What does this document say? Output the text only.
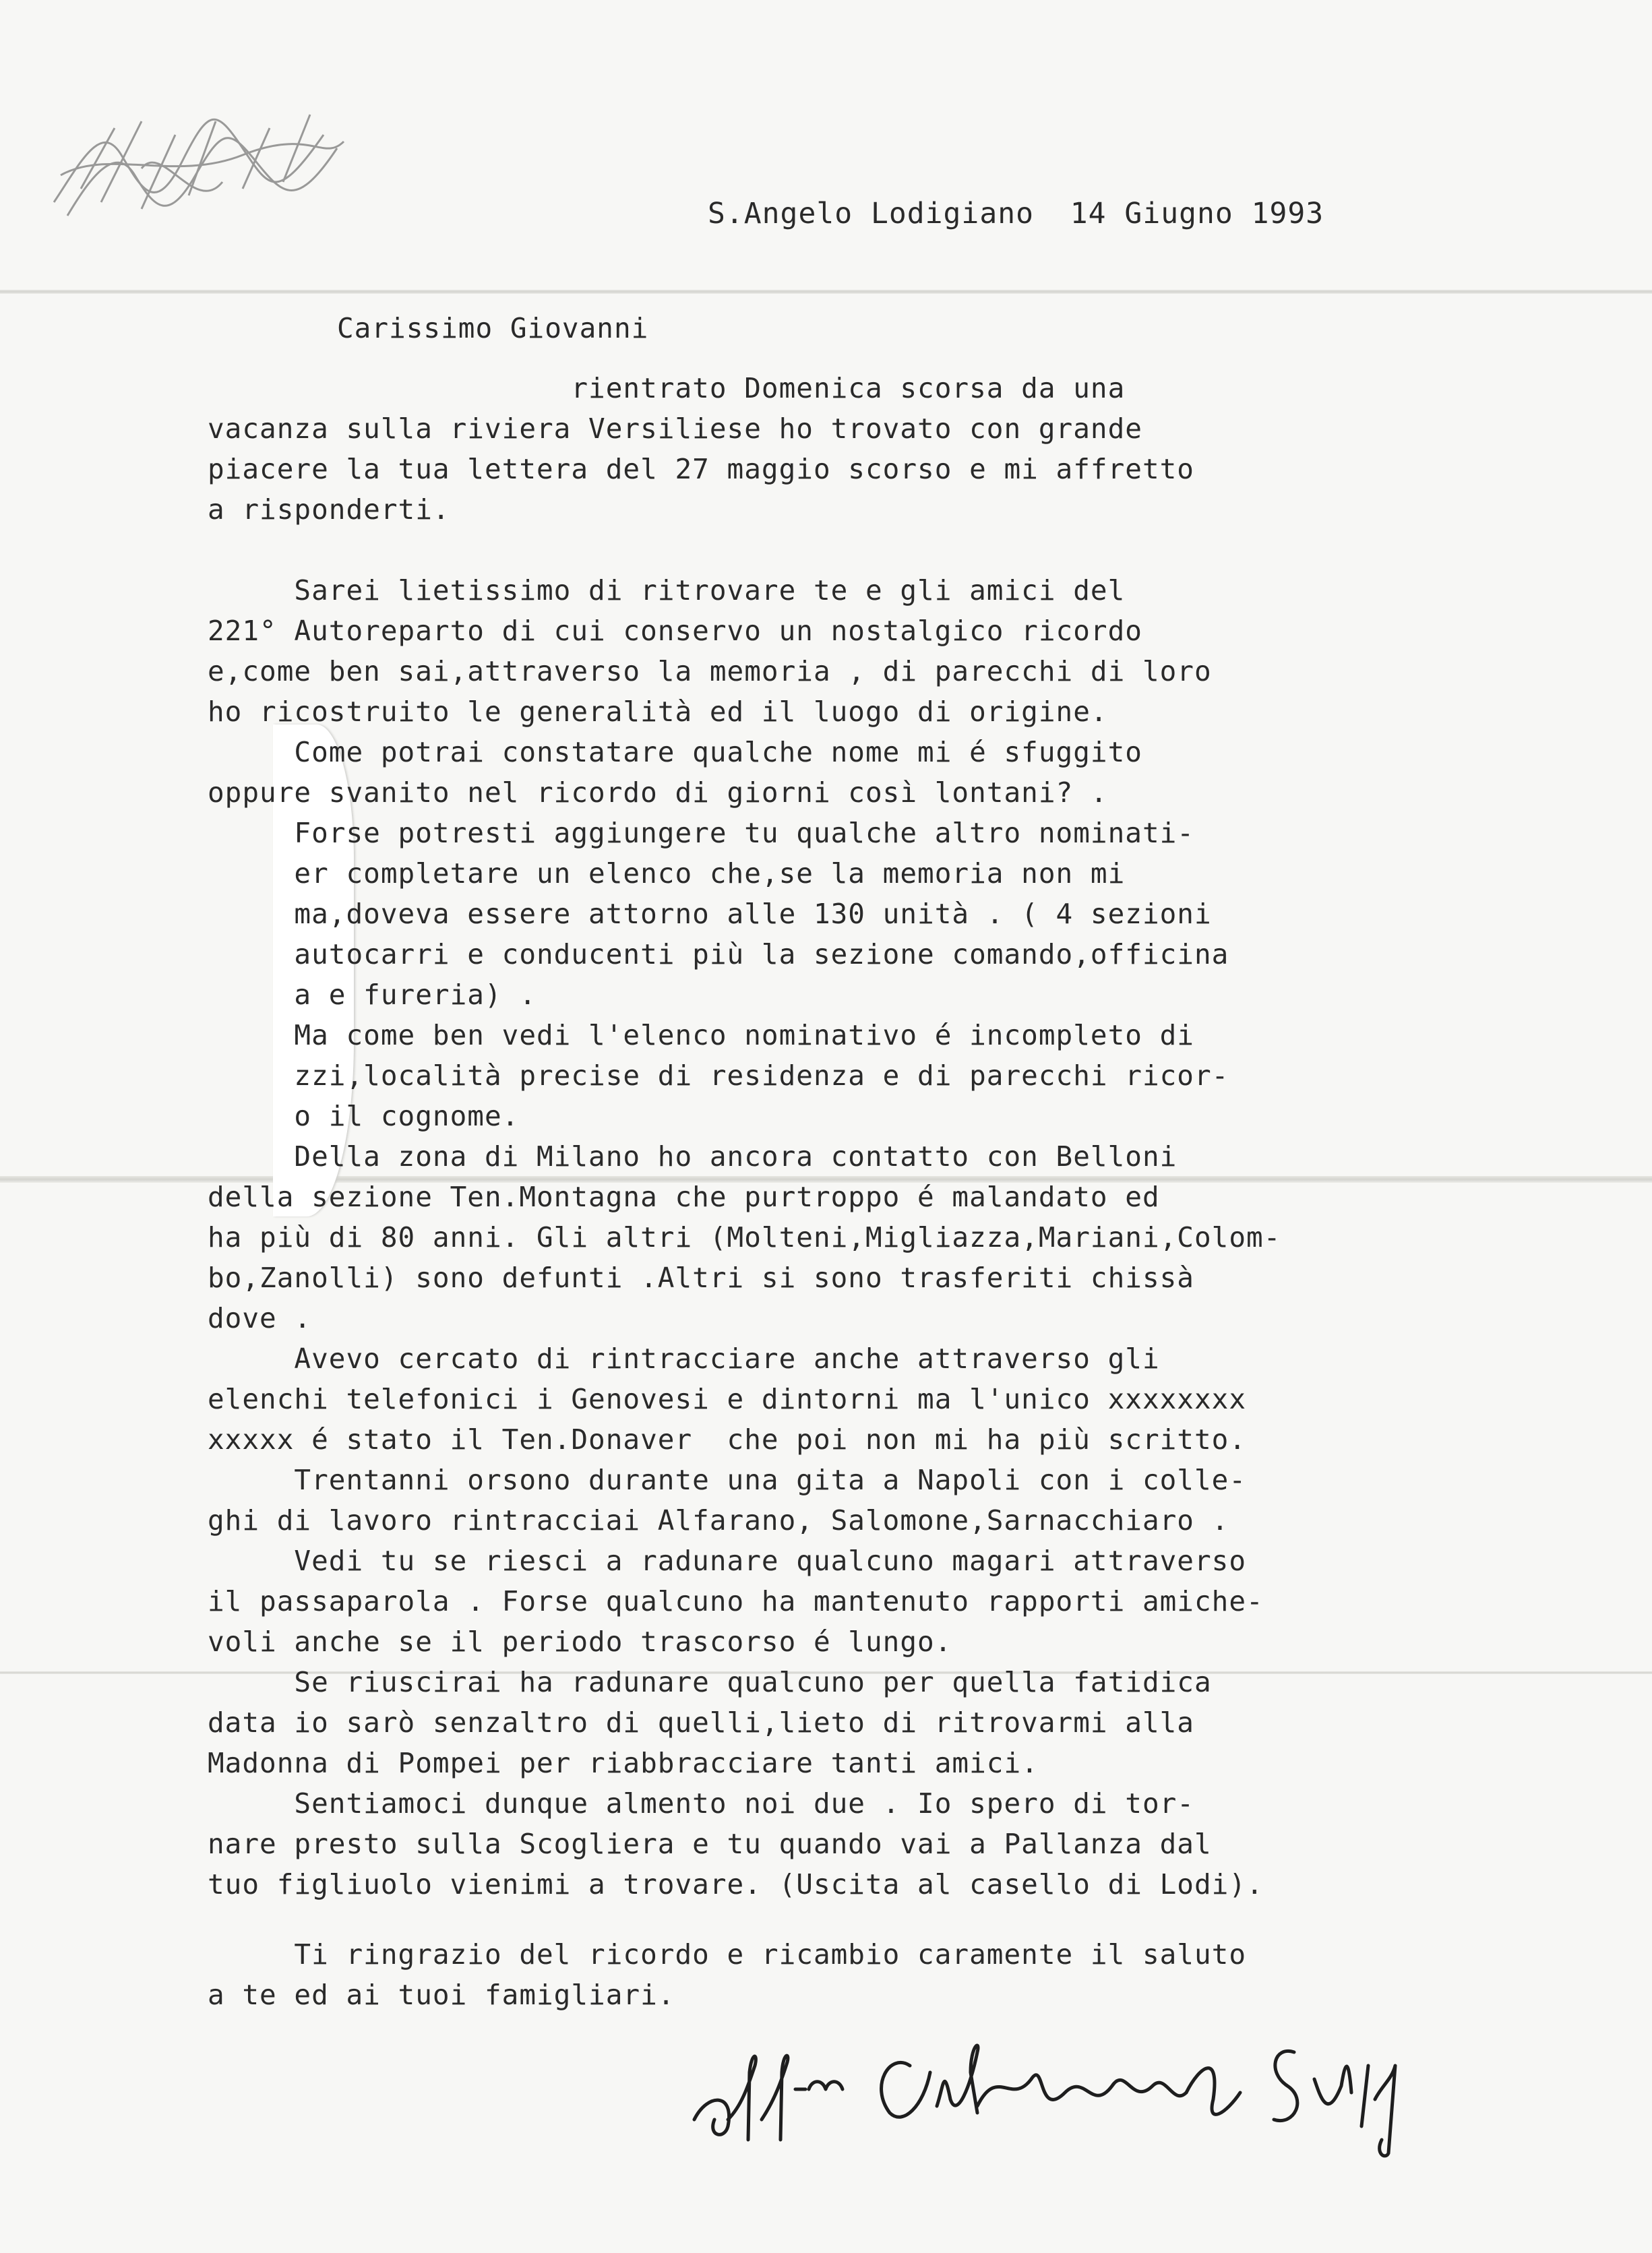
S.Angelo Lodigiano  14 Giugno 1993

Carissimo Giovanni

rientrato Domenica scorsa da una

vacanza sulla riviera Versiliese ho trovato con grande

piacere la tua lettera del 27 maggio scorso e mi affretto

a risponderti.

Sarei lietissimo di ritrovare te e gli amici del

221° Autoreparto di cui conservo un nostalgico ricordo

e,come ben sai,attraverso la memoria , di parecchi di loro

ho ricostruito le generalità ed il luogo di origine.

Come potrai constatare qualche nome mi é sfuggito

oppure svanito nel ricordo di giorni così lontani? .

Forse potresti aggiungere tu qualche altro nominati-

er completare un elenco che,se la memoria non mi

ma,doveva essere attorno alle 130 unità . ( 4 sezioni

autocarri e conducenti più la sezione comando,officina

a e fureria) .

Ma come ben vedi l'elenco nominativo é incompleto di

zzi,località precise di residenza e di parecchi ricor-

o il cognome.

Della zona di Milano ho ancora contatto con Belloni

della sezione Ten.Montagna che purtroppo é malandato ed

ha più di 80 anni. Gli altri (Molteni,Migliazza,Mariani,Colom-

bo,Zanolli) sono defunti .Altri si sono trasferiti chissà

dove .

Avevo cercato di rintracciare anche attraverso gli

elenchi telefonici i Genovesi e dintorni ma l'unico xxxxxxxx

xxxxx é stato il Ten.Donaver  che poi non mi ha più scritto.

Trentanni orsono durante una gita a Napoli con i colle-

ghi di lavoro rintracciai Alfarano, Salomone,Sarnacchiaro .

Vedi tu se riesci a radunare qualcuno magari attraverso

il passaparola . Forse qualcuno ha mantenuto rapporti amiche-

voli anche se il periodo trascorso é lungo.

Se riuscirai ha radunare qualcuno per quella fatidica

data io sarò senzaltro di quelli,lieto di ritrovarmi alla

Madonna di Pompei per riabbracciare tanti amici.

Sentiamoci dunque almento noi due . Io spero di tor-

nare presto sulla Scogliera e tu quando vai a Pallanza dal

tuo figliuolo vienimi a trovare. (Uscita al casello di Lodi).

Ti ringrazio del ricordo e ricambio caramente il saluto

a te ed ai tuoi famigliari.
